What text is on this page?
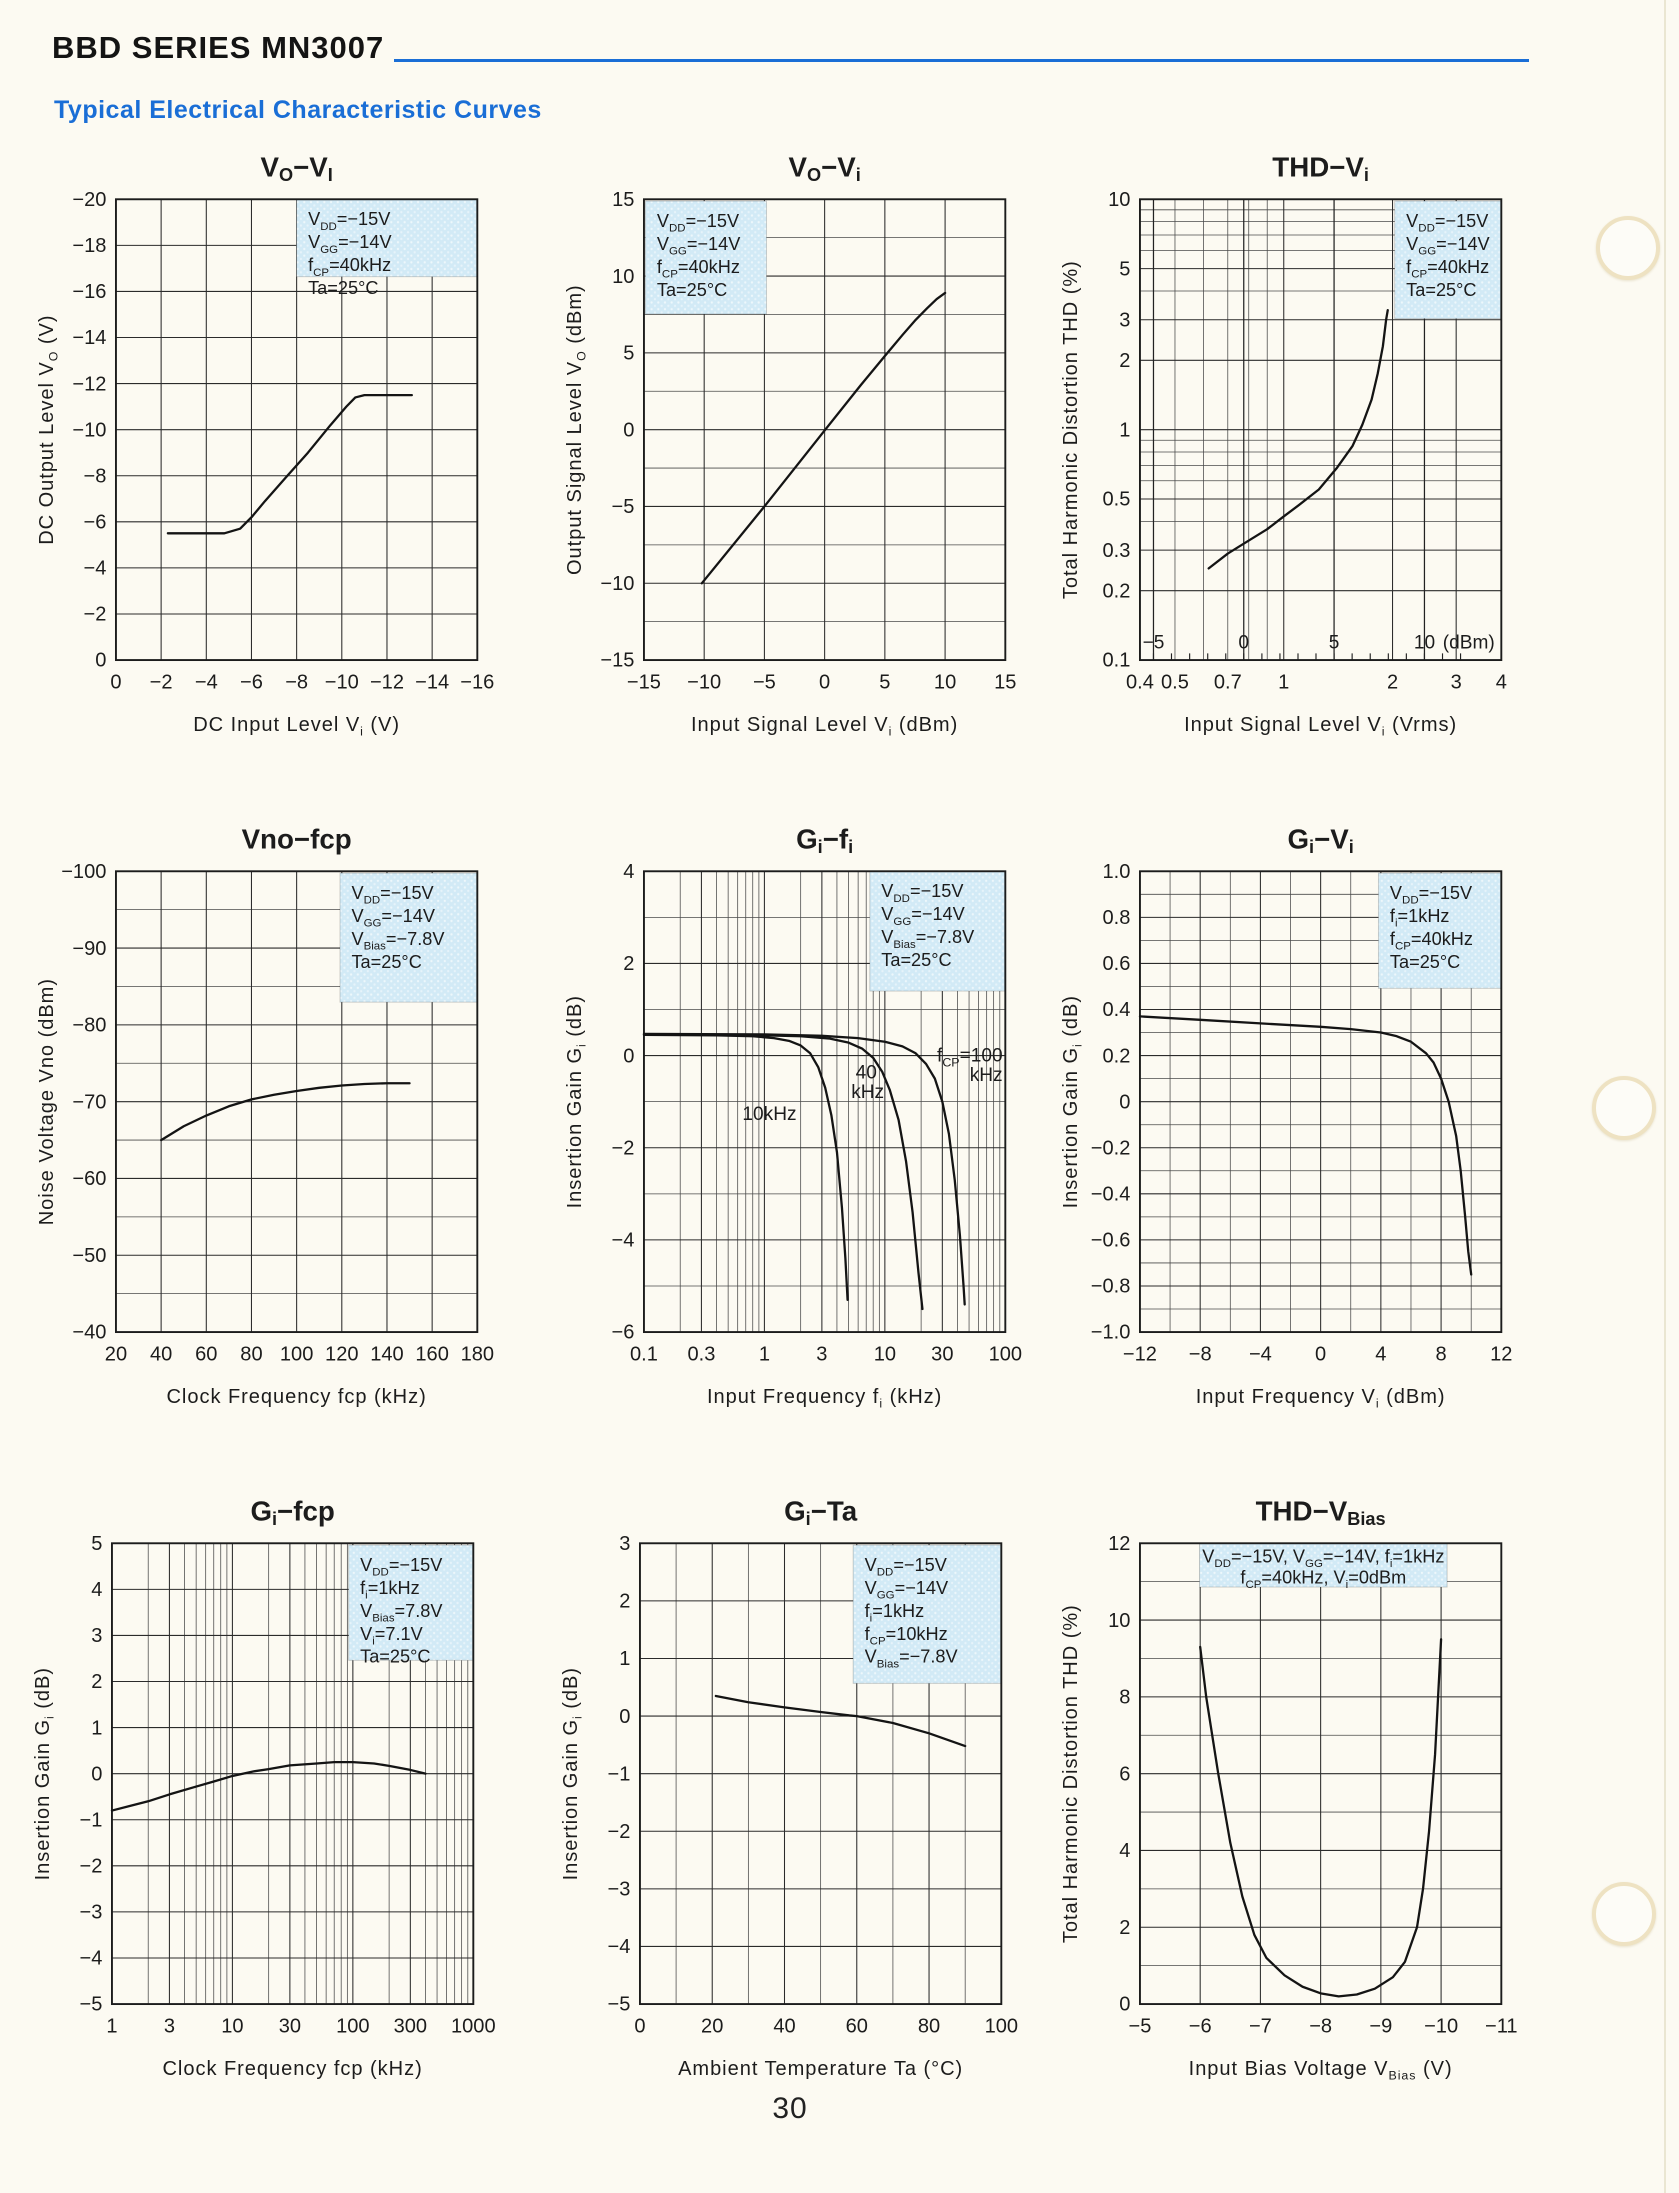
BBD SERIES MN3007
Typical Electrical Characteristic Curves
$V_{DD}=-15V$
$V_{GG}=-14V$
$f_{CP}=40kHz$
Ta=25°C
0 −2 −4 −6 −8 −10 −12 −14 −16
0
−2
−4
−6
−8
−10
−12
−14
−16
−18
−20
VO−VI
DC Input Level $V_i$ (V)
DC Output Level $V_O$ (V)
$V_{DD}=-15V$
$V_{GG}=-14V$
$f_{CP}=40kHz$
Ta=25°C
−15 −10 −5 0 5 10 15
15
10
5
0
−5
−10
−15
VO−Vi
Input Signal Level $V_i$ (dBm)
Output Signal Level $V_O$ (dBm)
$V_{DD}=-15V$
$V_{GG}=-14V$
$f_{CP}=40kHz$
Ta=25°C
0.4 0.5 0.7 1	2 3 4
−5	0	5	10 (dBm)
10
5
3
2
1
0.5
0.3
0.2
0.1
THD−Vi
Input Signal Level $V_i$ (Vrms)
Total Harmonic Distortion THD (%)
$V_{DD}=-15V$
$V_{GG}=-14V$
$V_{Bias}=-7.8V$
Ta=25°C
20 40 60 80 100 120 140 160 180
−100
−90
−80
−70
−60
−50
−40
Vno−fcp
Clock Frequency fcp (kHz)
Noise Voltage Vno (dBm)
$V_{DD}=-15V$
$V_{GG}=-14V$
$V_{Bias}=-7.8V$
Ta=25°C
$f_{CP}=100$
kHz
40
kHz
10kHz
0.1 0.3 1 3 10 30 100
4
2
0
−2
−4
−6
Gi−fi
Input Frequency $f_i$ (kHz)
Insertion Gain $G_i$ (dB)
$V_{DD}=-15V$
$f_i=1kHz$
$f_{CP}=40kHz$
Ta=25°C
−12 −8 −4 0 4 8 12
1.0
0.8
0.6
0.4
0.2
0
−0.2
−0.4
−0.6
−0.8
−1.0
Gi−Vi
Input Frequency $V_i$ (dBm)
Insertion Gain $G_i$ (dB)
$V_{DD}=-15V$
$f_i=1kHz$
$V_{Bias}=7.8V$
$V_i=7.1V$
Ta=25°C
1 3 10 30 100 300 1000
5
4
3
2
1
0
−1
−2
−3
−4
−5
Gi−fcp
Clock Frequency fcp (kHz)
Insertion Gain $G_i$ (dB)
$V_{DD}=-15V$
$V_{GG}=-14V$
$f_i=1kHz$
$f_{CP}=10kHz$
$V_{Bias}=-7.8V$
0	20 40 60 80 100
3
2
1
0
−1
−2
−3
−4
−5
Gi−Ta
Ambient Temperature Ta (°C)
Insertion Gain $G_i$ (dB)
$V_{DD}=-15V$, $V_{GG}=-14V$, $f_i=1kHz$
$f_{CP}=40kHz$, $V_i=0dBm$
−5 −6 −7 −8 −9 −10 −11
12
10
8
6
4
2
0
THD−VBias
Input Bias Voltage $V_{Bias}$ (V)
Total Harmonic Distortion THD (%)
30
